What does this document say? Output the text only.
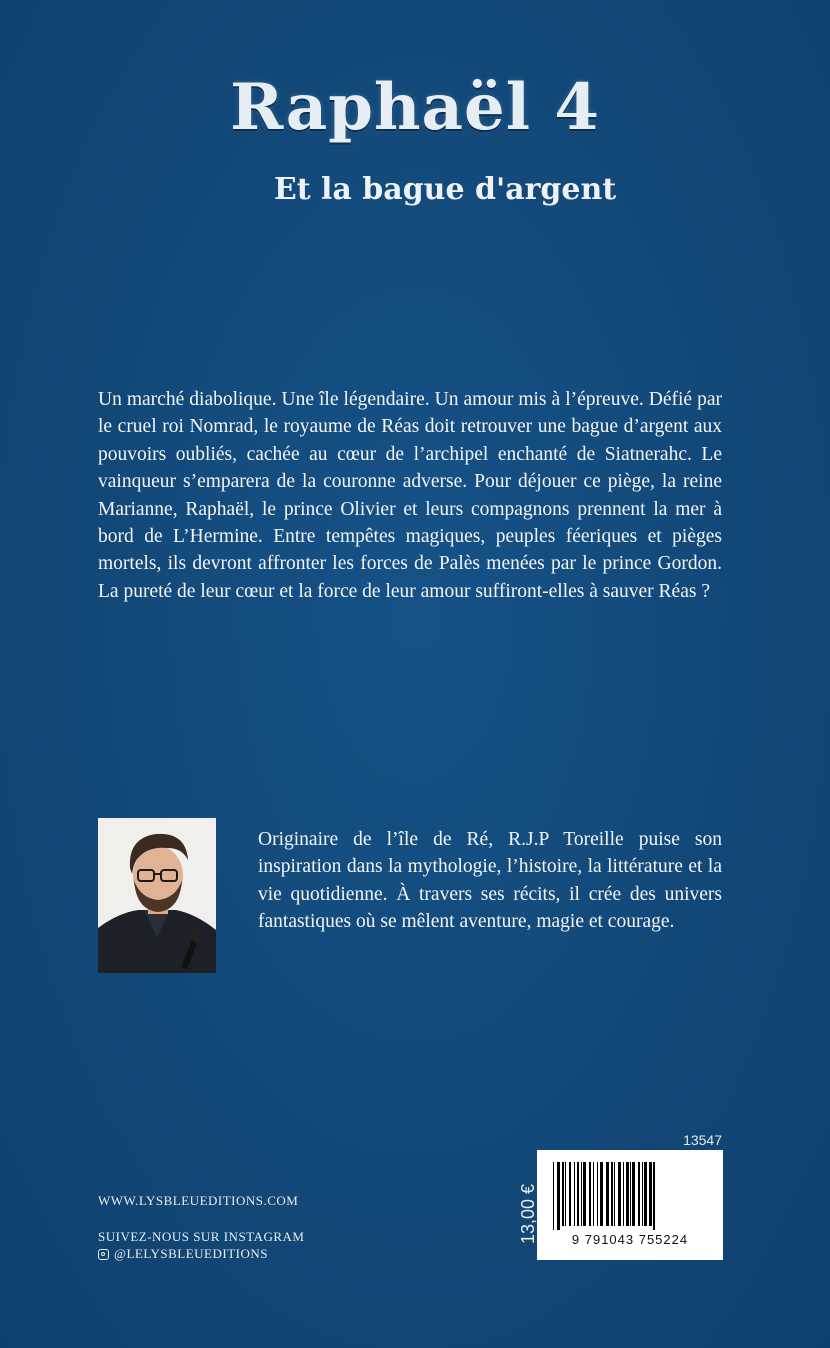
Raphaël 4
Et la bague d'argent

Un marché diabolique. Une île légendaire. Un amour mis à l’épreuve. Défié par le cruel roi Nomrad, le royaume de Réas doit retrouver une bague d’argent aux pouvoirs oubliés, cachée au cœur de l’archipel enchanté de Siatnerahc. Le vainqueur s’emparera de la couronne adverse. Pour déjouer ce piège, la reine Marianne, Raphaël, le prince Olivier et leurs compagnons prennent la mer à bord de L’Hermine. Entre tempêtes magiques, peuples féeriques et pièges mortels, ils devront affronter les forces de Palès menées par le prince Gordon. La pureté de leur cœur et la force de leur amour suffiront-elles à sauver Réas ?

Originaire de l’île de Ré, R.J.P Toreille puise son inspiration dans la mythologie, l’histoire, la littérature et la vie quotidienne. À travers ses récits, il crée des univers fantastiques où se mêlent aventure, magie et courage.

WWW.LYSBLEUEDITIONS.COM
SUIVEZ-NOUS SUR INSTAGRAM
@LELYSBLEUEDITIONS
13547
13,00 €	9 791043 755224
